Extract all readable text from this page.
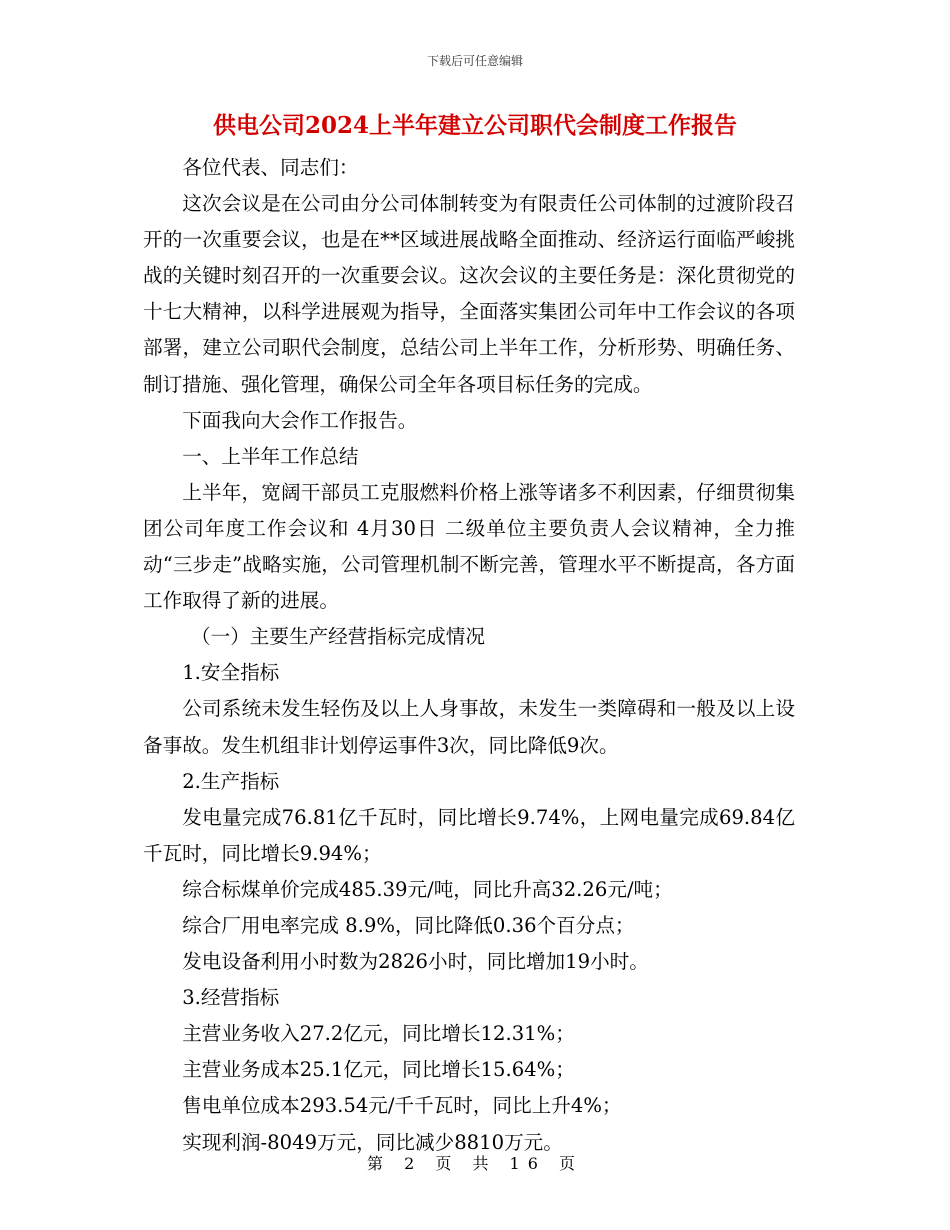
下载后可任意编辑
供电公司2024上半年建立公司职代会制度工作报告

各位代表、同志们：

这次会议是在公司由分公司体制转变为有限责任公司体制的过渡阶段召开的一次重要会议，也是在**区域进展战略全面推动、经济运行面临严峻挑战的关键时刻召开的一次重要会议。这次会议的主要任务是：深化贯彻党的十七大精神，以科学进展观为指导，全面落实集团公司年中工作会议的各项部署，建立公司职代会制度，总结公司上半年工作，分析形势、明确任务、制订措施、强化管理，确保公司全年各项目标任务的完成。

下面我向大会作工作报告。

一、上半年工作总结

上半年，宽阔干部员工克服燃料价格上涨等诸多不利因素，仔细贯彻集团公司年度工作会议和 4月30日 二级单位主要负责人会议精神，全力推动“三步走”战略实施，公司管理机制不断完善，管理水平不断提高，各方面工作取得了新的进展。

（一）主要生产经营指标完成情况

1.安全指标

公司系统未发生轻伤及以上人身事故，未发生一类障碍和一般及以上设备事故。发生机组非计划停运事件3次，同比降低9次。

2.生产指标

发电量完成76.81亿千瓦时，同比增长9.74%，上网电量完成69.84亿千瓦时，同比增长9.94%；

综合标煤单价完成485.39元/吨，同比升高32.26元/吨；

综合厂用电率完成 8.9%，同比降低0.36个百分点；

发电设备利用小时数为2826小时，同比增加19小时。

3.经营指标

主营业务收入27.2亿元，同比增长12.31%；

主营业务成本25.1亿元，同比增长15.64%；

售电单位成本293.54元/千千瓦时，同比上升4%；

实现利润-8049万元，同比减少8810万元。

第 2 页 共 16 页
